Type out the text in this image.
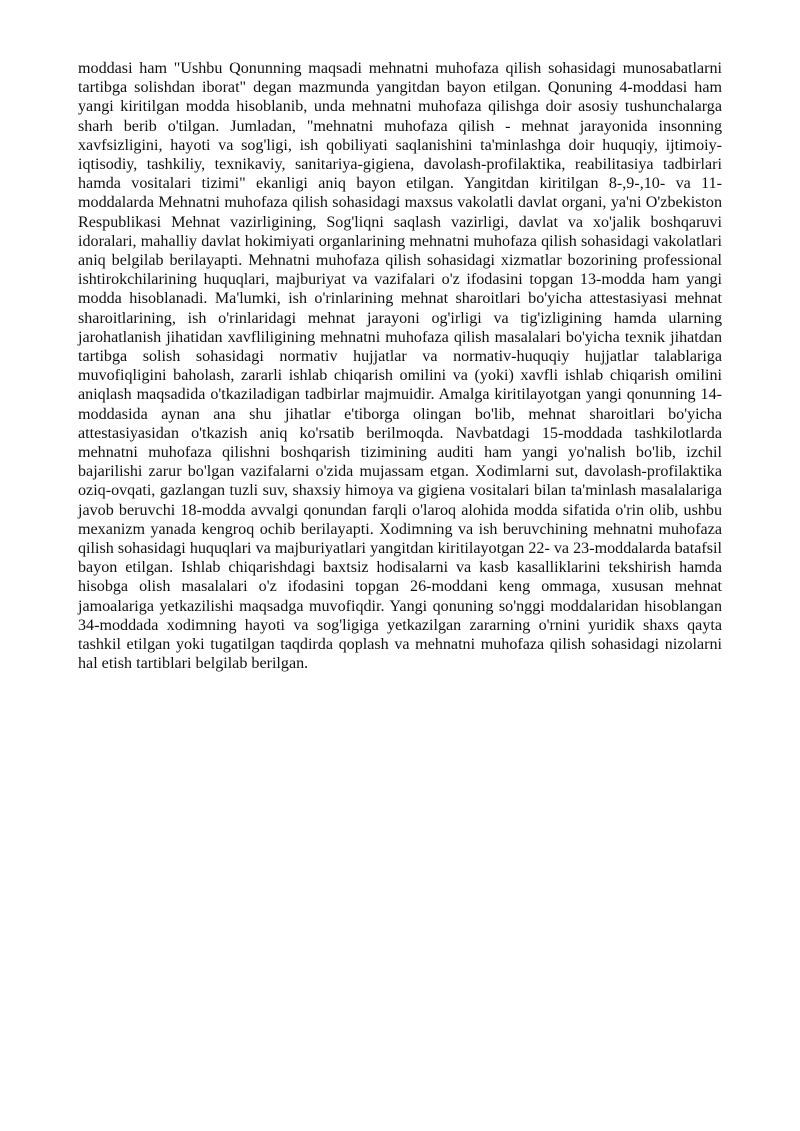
moddasi ham "Ushbu Qonunning maqsadi mehnatni muhofaza qilish sohasidagi munosabatlarni tartibga solishdan iborat" degan mazmunda yangitdan bayon etilgan. Qonuning 4-moddasi ham yangi kiritilgan modda hisoblanib, unda mehnatni muhofaza qilishga doir asosiy tushunchalarga sharh berib o'tilgan. Jumladan, "mehnatni muhofaza qilish - mehnat jarayonida insonning xavfsizligini, hayoti va sog'ligi, ish qobiliyati saqlanishini ta'minlashga doir huquqiy, ijtimoiy-iqtisodiy, tashkiliy, texnikaviy, sanitariya-gigiena, davolash-profilaktika, reabilitasiya tadbirlari hamda vositalari tizimi" ekanligi aniq bayon etilgan. Yangitdan kiritilgan 8-,9-,10- va 11-moddalarda Mehnatni muhofaza qilish sohasidagi maxsus vakolatli davlat organi, ya'ni O'zbekiston Respublikasi Mehnat vazirligining, Sog'liqni saqlash vazirligi, davlat va xo'jalik boshqaruvi idoralari, mahalliy davlat hokimiyati organlarining mehnatni muhofaza qilish sohasidagi vakolatlari aniq belgilab berilayapti. Mehnatni muhofaza qilish sohasidagi xizmatlar bozorining professional ishtirokchilarining huquqlari, majburiyat va vazifalari o'z ifodasini topgan 13-modda ham yangi modda hisoblanadi. Ma'lumki, ish o'rinlarining mehnat sharoitlari bo'yicha attestasiyasi mehnat sharoitlarining, ish o'rinlaridagi mehnat jarayoni og'irligi va tig'izligining hamda ularning jarohatlanish jihatidan xavfliligining mehnatni muhofaza qilish masalalari bo'yicha texnik jihatdan tartibga solish sohasidagi normativ hujjatlar va normativ-huquqiy hujjatlar talablariga muvofiqligini baholash, zararli ishlab chiqarish omilini va (yoki) xavfli ishlab chiqarish omilini aniqlash maqsadida o'tkaziladigan tadbirlar majmuidir. Amalga kiritilayotgan yangi qonunning 14-moddasida aynan ana shu jihatlar e'tiborga olingan bo'lib, mehnat sharoitlari bo'yicha attestasiyasidan o'tkazish aniq ko'rsatib berilmoqda. Navbatdagi 15-moddada tashkilotlarda mehnatni muhofaza qilishni boshqarish tizimining auditi ham yangi yo'nalish bo'lib, izchil bajarilishi zarur bo'lgan vazifalarni o'zida mujassam etgan. Xodimlarni sut, davolash-profilaktika oziq-ovqati, gazlangan tuzli suv, shaxsiy himoya va gigiena vositalari bilan ta'minlash masalalariga javob beruvchi 18-modda avvalgi qonundan farqli o'laroq alohida modda sifatida o'rin olib, ushbu mexanizm yanada kengroq ochib berilayapti. Xodimning va ish beruvchining mehnatni muhofaza qilish sohasidagi huquqlari va majburiyatlari yangitdan kiritilayotgan 22- va 23-moddalarda batafsil bayon etilgan. Ishlab chiqarishdagi baxtsiz hodisalarni va kasb kasalliklarini tekshirish hamda hisobga olish masalalari o'z ifodasini topgan 26-moddani keng ommaga, xususan mehnat jamoalariga yetkazilishi maqsadga muvofiqdir. Yangi qonuning so'nggi moddalaridan hisoblangan 34-moddada xodimning hayoti va sog'ligiga yetkazilgan zararning o'rnini yuridik shaxs qayta tashkil etilgan yoki tugatilgan taqdirda qoplash va mehnatni muhofaza qilish sohasidagi nizolarni hal etish tartiblari belgilab berilgan.
